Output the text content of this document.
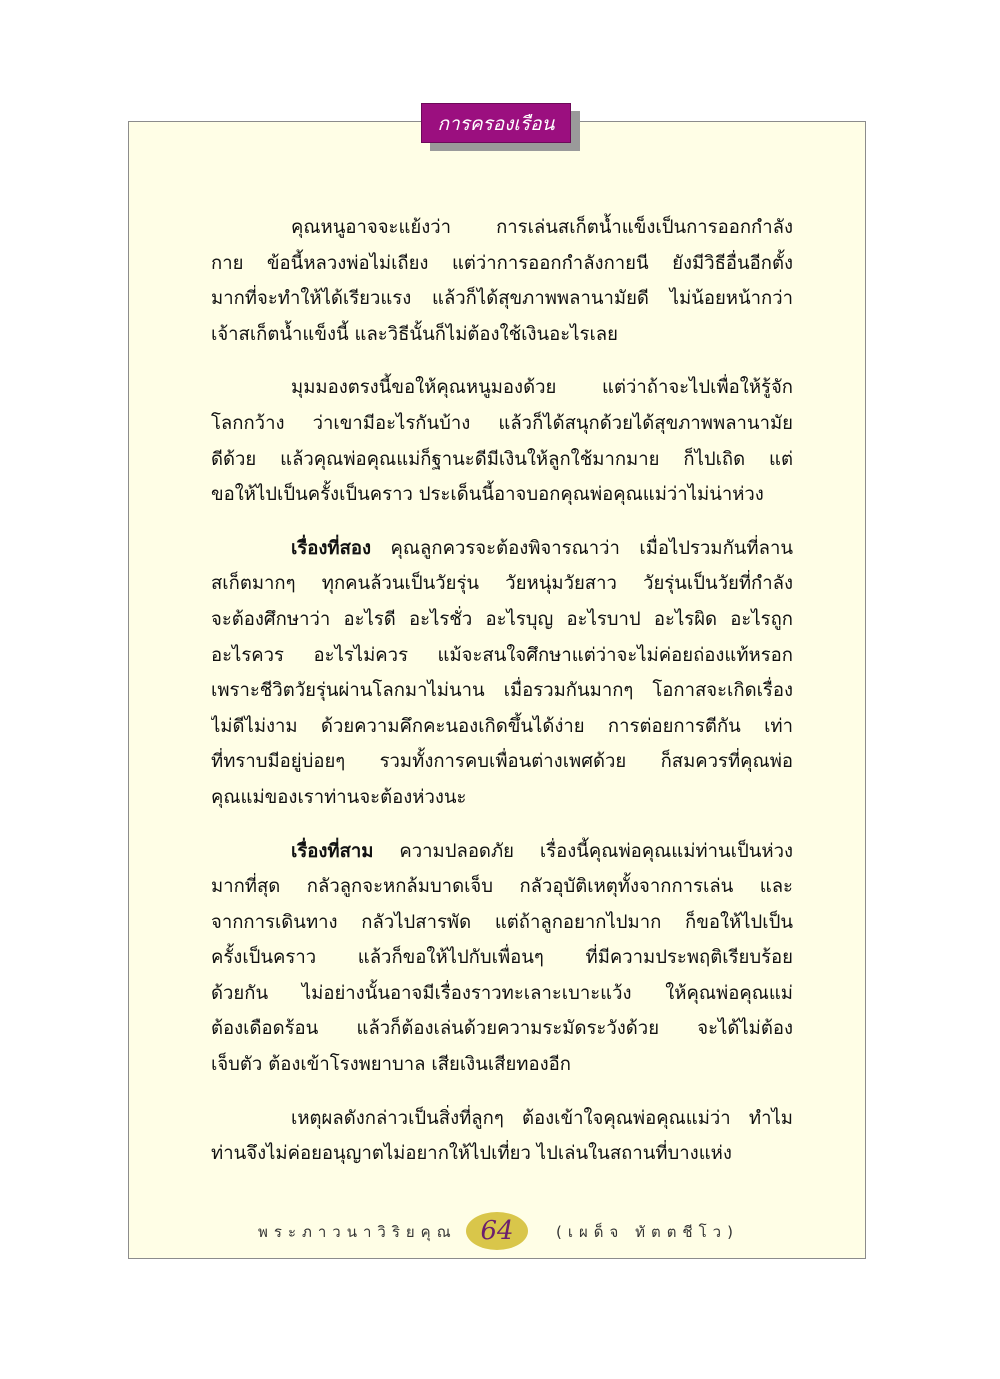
การครองเรือน
คุณหนูอาจจะแย้งว่า การเล่นสเก็ตน้ำแข็งเป็นการออกกำลัง
กาย ข้อนี้หลวงพ่อไม่เถียง แต่ว่าการออกกำลังกายนี ยังมีวิธีอื่นอีกตั้ง
มากที่จะทำให้ได้เรียวแรง แล้วก็ได้สุขภาพพลานามัยดี ไม่น้อยหน้ากว่า
เจ้าสเก็ตน้ำแข็งนี้ และวิธีนั้นก็ไม่ต้องใช้เงินอะไรเลย
มุมมองตรงนี้ขอให้คุณหนูมองด้วย แต่ว่าถ้าจะไปเพื่อให้รู้จัก
โลกกว้าง ว่าเขามีอะไรกันบ้าง แล้วก็ได้สนุกด้วยได้สุขภาพพลานามัย
ดีด้วย แล้วคุณพ่อคุณแม่ก็ฐานะดีมีเงินให้ลูกใช้มากมาย ก็ไปเถิด แต่
ขอให้ไปเป็นครั้งเป็นคราว ประเด็นนี้อาจบอกคุณพ่อคุณแม่ว่าไม่น่าห่วง
เรื่องที่สอง คุณลูกควรจะต้องพิจารณาว่า เมื่อไปรวมกันที่ลาน
สเก็ตมากๆ ทุกคนล้วนเป็นวัยรุ่น วัยหนุ่มวัยสาว วัยรุ่นเป็นวัยที่กำลัง
จะต้องศึกษาว่า อะไรดี อะไรชั่ว อะไรบุญ อะไรบาป อะไรผิด อะไรถูก
อะไรควร อะไรไม่ควร แม้จะสนใจศึกษาแต่ว่าจะไม่ค่อยถ่องแท้หรอก
เพราะชีวิตวัยรุ่นผ่านโลกมาไม่นาน เมื่อรวมกันมากๆ โอกาสจะเกิดเรื่อง
ไม่ดีไม่งาม ด้วยความคึกคะนองเกิดขึ้นได้ง่าย การต่อยการตีกัน เท่า
ที่ทราบมีอยู่บ่อยๆ รวมทั้งการคบเพื่อนต่างเพศด้วย ก็สมควรที่คุณพ่อ
คุณแม่ของเราท่านจะต้องห่วงนะ
เรื่องที่สาม ความปลอดภัย เรื่องนี้คุณพ่อคุณแม่ท่านเป็นห่วง
มากที่สุด กลัวลูกจะหกล้มบาดเจ็บ กลัวอุบัติเหตุทั้งจากการเล่น และ
จากการเดินทาง กลัวไปสารพัด แต่ถ้าลูกอยากไปมาก ก็ขอให้ไปเป็น
ครั้งเป็นคราว แล้วก็ขอให้ไปกับเพื่อนๆ ที่มีความประพฤติเรียบร้อย
ด้วยกัน ไม่อย่างนั้นอาจมีเรื่องราวทะเลาะเบาะแว้ง ให้คุณพ่อคุณแม่
ต้องเดือดร้อน แล้วก็ต้องเล่นด้วยความระมัดระวังด้วย จะได้ไม่ต้อง
เจ็บตัว ต้องเข้าโรงพยาบาล เสียเงินเสียทองอีก
เหตุผลดังกล่าวเป็นสิ่งที่ลูกๆ ต้องเข้าใจคุณพ่อคุณแม่ว่า ทำไม
ท่านจึงไม่ค่อยอนุญาตไม่อยากให้ไปเที่ยว ไปเล่นในสถานที่บางแห่ง
พระภาวนาวิริยคุณ 64	(เผด็จ ทัตตชีโว)
